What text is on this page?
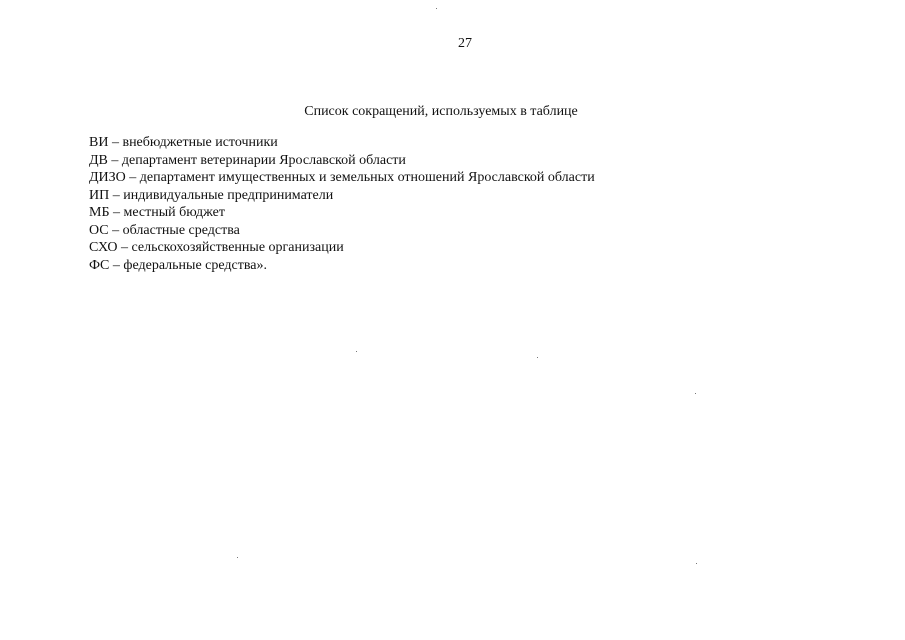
27
Список сокращений, используемых в таблице
ВИ – внебюджетные источники
ДВ – департамент ветеринарии Ярославской области
ДИЗО – департамент имущественных и земельных отношений Ярославской области
ИП – индивидуальные предприниматели
МБ – местный бюджет
ОС – областные средства
СХО – сельскохозяйственные организации
ФС – федеральные средства».
